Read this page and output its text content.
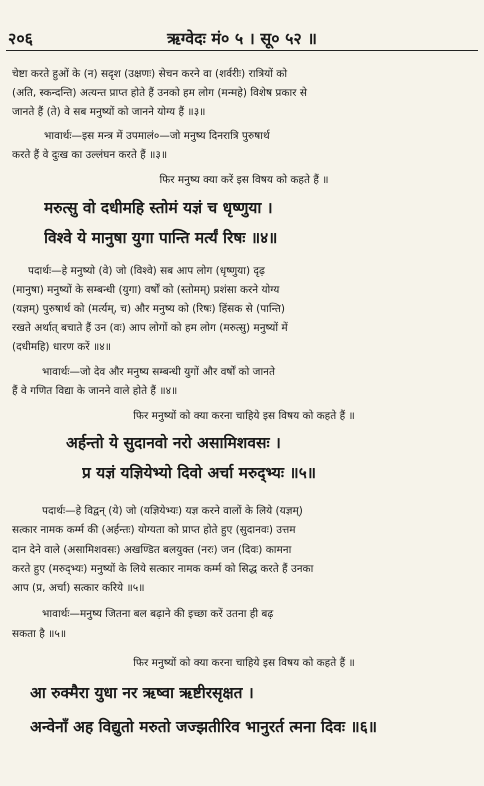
२०६	ऋग्वेदः मं० ५ । सू० ५२ ॥
चेष्टा करते हुओं के (न) सदृश (उक्षणः) सेचन करने वा (शर्वरीः) रात्रियों को
(अति, स्कन्दन्ति) अत्यन्त प्राप्त होते हैं उनको हम लोग (मन्महे) विशेष प्रकार से
जानते हैं (ते) वे सब मनुष्यों को जानने योग्य हैं ॥३॥
भावार्थः—इस मन्त्र में उपमालं०—जो मनुष्य दिनरात्रि पुरुषार्थ
करते हैं वे दुःख का उल्लंघन करते हैं ॥३॥
फिर मनुष्य क्या करें इस विषय को कहते हैं ॥
मरुत्सु वो दधीमहि स्तोमं यज्ञं च धृष्णुया ।
विश्वे ये मानुषा युगा पान्ति मर्त्यं रिषः ॥४॥
पदार्थः—हे मनुष्यो (वे) जो (विश्वे) सब आप लोग (धृष्णुया) दृढ़
(मानुषा) मनुष्यों के सम्बन्धी (युगा) वर्षों को (स्तोमम्) प्रशंसा करने योग्य
(यज्ञम्) पुरुषार्थ को (मर्त्यम्, च) और मनुष्य को (रिषः) हिंसक से (पान्ति)
रखते अर्थात् बचाते हैं उन (वः) आप लोगों को हम लोग (मरुत्सु) मनुष्यों में
(दधीमहि) धारण करें ॥४॥
भावार्थः—जो देव और मनुष्य सम्बन्धी युगों और वर्षों को जानते
हैं वे गणित विद्या के जानने वाले होते हैं ॥४॥
फिर मनुष्यों को क्या करना चाहिये इस विषय को कहते हैं ॥
अर्हन्तो ये सुदानवो नरो असामिशवसः ।
प्र यज्ञं यज्ञियेभ्यो दिवो अर्चा मरुद्भ्यः ॥५॥
पदार्थः—हे विद्वन् (ये) जो (यज्ञियेभ्यः) यज्ञ करने वालों के लिये (यज्ञम्)
सत्कार नामक कर्म्म की (अर्हन्तः) योग्यता को प्राप्त होते हुए (सुदानवः) उत्तम
दान देने वाले (असामिशवसः) अखण्डित बलयुक्त (नरः) जन (दिवः) कामना
करते हुए (मरुद्भ्यः) मनुष्यों के लिये सत्कार नामक कर्म्म को सिद्ध करते हैं उनका
आप (प्र, अर्चा) सत्कार करिये ॥५॥
भावार्थः—मनुष्य जितना बल बढ़ाने की इच्छा करें उतना ही बढ़
सकता है ॥५॥
फिर मनुष्यों को क्या करना चाहिये इस विषय को कहते हैं ॥
आ रुक्मैरा युधा नर ऋष्वा ऋष्टीरसृक्षत ।
अन्वेनाँ अह विद्युतो मरुतो जज्झतीरिव भानुरर्त त्मना दिवः ॥६॥
